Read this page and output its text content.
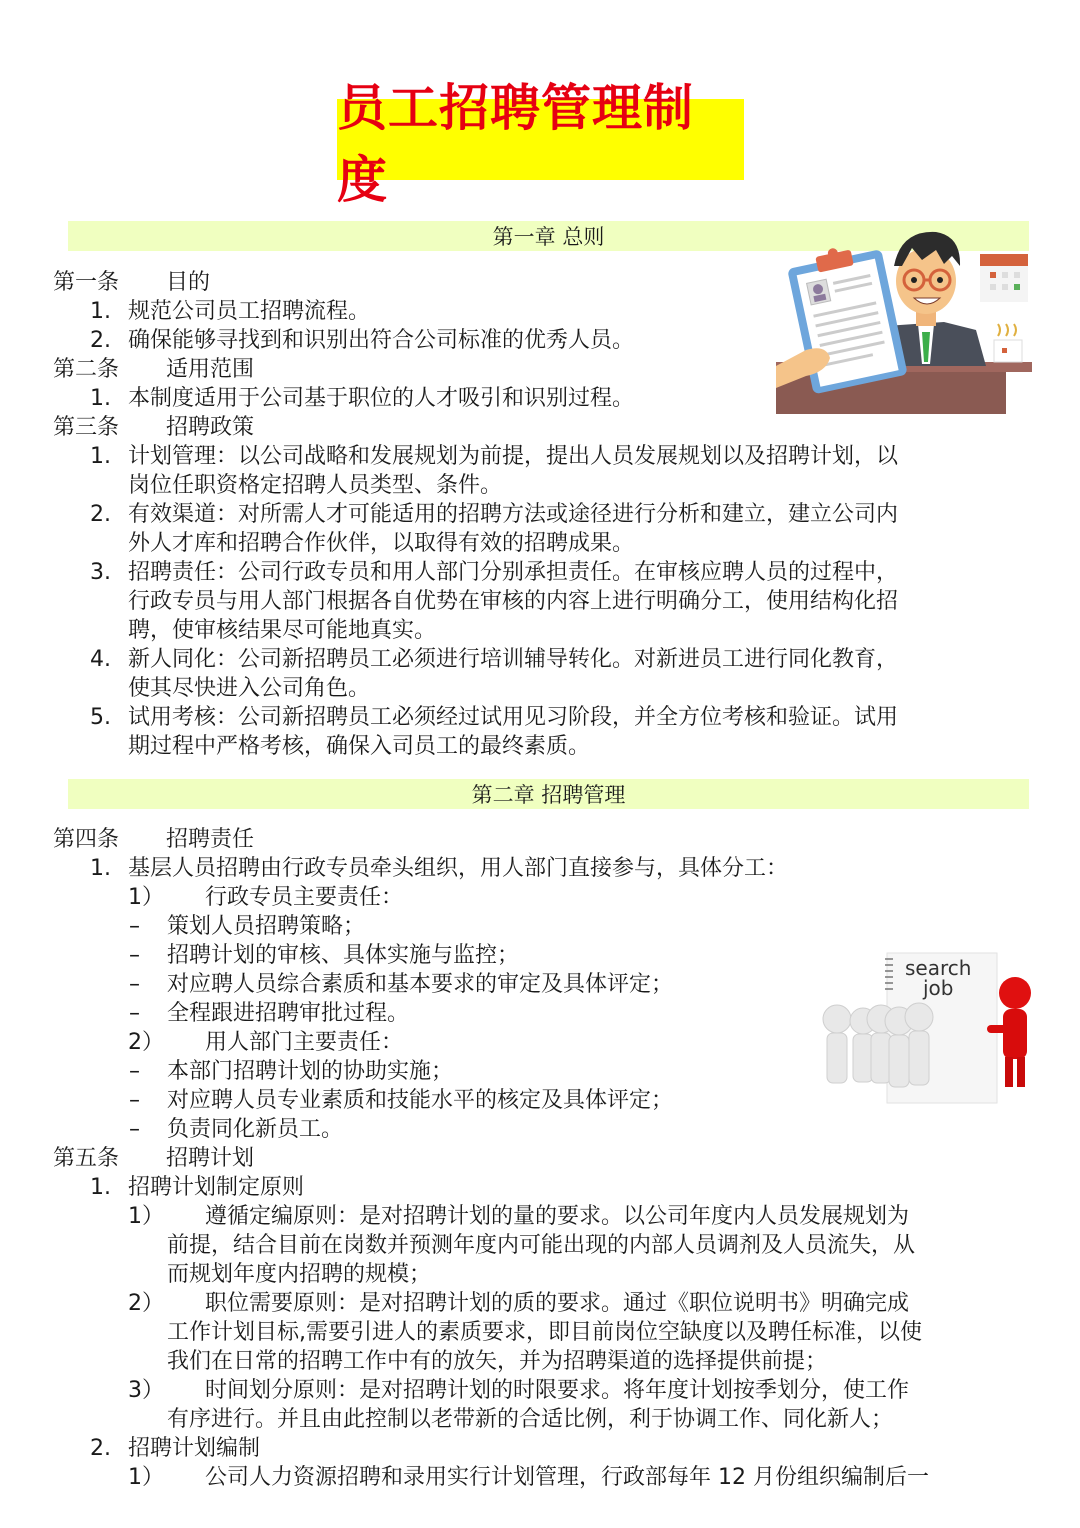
员工招聘管理制度
第一章 总则
第一条 目的
1. 规范公司员工招聘流程。
2. 确保能够寻找到和识别出符合公司标准的优秀人员。
第二条 适用范围
1. 本制度适用于公司基于职位的人才吸引和识别过程。
第三条 招聘政策
1. 计划管理：以公司战略和发展规划为前提，提出人员发展规划以及招聘计划，以
岗位任职资格定招聘人员类型、条件。
2. 有效渠道：对所需人才可能适用的招聘方法或途径进行分析和建立，建立公司内
外人才库和招聘合作伙伴，以取得有效的招聘成果。
3. 招聘责任：公司行政专员和用人部门分别承担责任。在审核应聘人员的过程中，
行政专员与用人部门根据各自优势在审核的内容上进行明确分工，使用结构化招
聘，使审核结果尽可能地真实。
4. 新人同化：公司新招聘员工必须进行培训辅导转化。对新进员工进行同化教育，
使其尽快进入公司角色。
5. 试用考核：公司新招聘员工必须经过试用见习阶段，并全方位考核和验证。试用
期过程中严格考核，确保入司员工的最终素质。
第二章 招聘管理
第四条 招聘责任
1. 基层人员招聘由行政专员牵头组织，用人部门直接参与，具体分工：
1） 行政专员主要责任：
– 策划人员招聘策略；
– 招聘计划的审核、具体实施与监控；
– 对应聘人员综合素质和基本要求的审定及具体评定；
– 全程跟进招聘审批过程。
2） 用人部门主要责任：
– 本部门招聘计划的协助实施；
– 对应聘人员专业素质和技能水平的核定及具体评定；
– 负责同化新员工。
第五条 招聘计划
1. 招聘计划制定原则
1） 遵循定编原则：是对招聘计划的量的要求。以公司年度内人员发展规划为
前提，结合目前在岗数并预测年度内可能出现的内部人员调剂及人员流失，从
而规划年度内招聘的规模；
2） 职位需要原则：是对招聘计划的质的要求。通过《职位说明书》明确完成
工作计划目标,需要引进人的素质要求，即目前岗位空缺度以及聘任标准，以使
我们在日常的招聘工作中有的放矢，并为招聘渠道的选择提供前提；
3） 时间划分原则：是对招聘计划的时限要求。将年度计划按季划分，使工作
有序进行。并且由此控制以老带新的合适比例，利于协调工作、同化新人；
2. 招聘计划编制
1） 公司人力资源招聘和录用实行计划管理，行政部每年 12 月份组织编制后一
search
job
